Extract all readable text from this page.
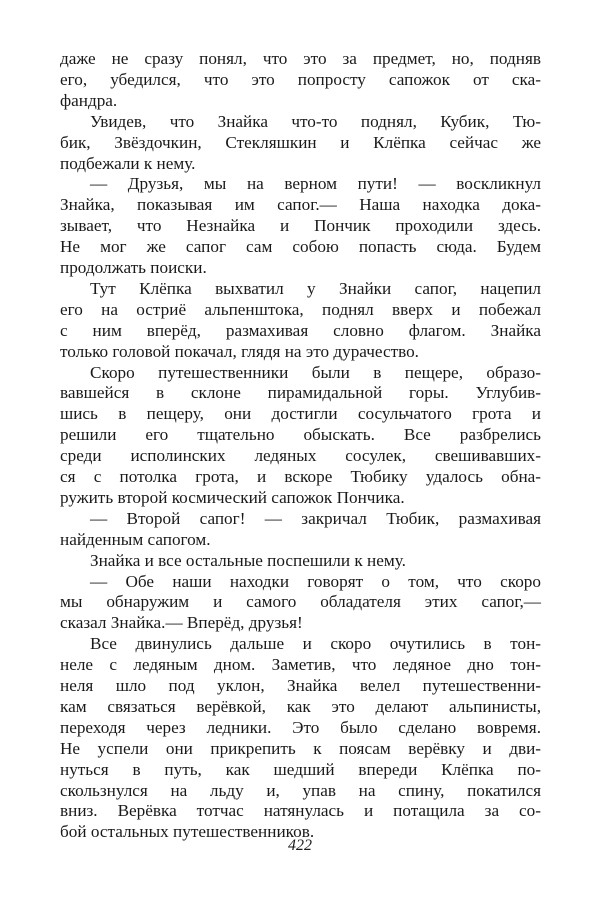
422
даже не сразу понял, что это за предмет, но, подняв
его, убедился, что это попросту сапожок от ска-
фандра.
Увидев, что Знайка что-то поднял, Кубик, Тю-
бик, Звёздочкин, Стекляшкин и Клёпка сейчас же
подбежали к нему.
— Друзья, мы на верном пути! — воскликнул
Знайка, показывая им сапог.— Наша находка дока-
зывает, что Незнайка и Пончик проходили здесь.
Не мог же сапог сам собою попасть сюда. Будем
продолжать поиски.
Тут Клёпка выхватил у Знайки сапог, нацепил
его на остриё альпенштока, поднял вверх и побежал
с ним вперёд, размахивая словно флагом. Знайка
только головой покачал, глядя на это дурачество.
Скоро путешественники были в пещере, образо-
вавшейся в склоне пирамидальной горы. Углубив-
шись в пещеру, они достигли сосульчатого грота и
решили его тщательно обыскать. Все разбрелись
среди исполинских ледяных сосулек, свешивавших-
ся с потолка грота, и вскоре Тюбику удалось обна-
ружить второй космический сапожок Пончика.
— Второй сапог! — закричал Тюбик, размахивая
найденным сапогом.
Знайка и все остальные поспешили к нему.
— Обе наши находки говорят о том, что скоро
мы обнаружим и самого обладателя этих сапог,—
сказал Знайка.— Вперёд, друзья!
Все двинулись дальше и скоро очутились в тон-
неле с ледяным дном. Заметив, что ледяное дно тон-
неля шло под уклон, Знайка велел путешественни-
кам связаться верёвкой, как это делают альпинисты,
переходя через ледники. Это было сделано вовремя.
Не успели они прикрепить к поясам верёвку и дви-
нуться в путь, как шедший впереди Клёпка по-
скользнулся на льду и, упав на спину, покатился
вниз. Верёвка тотчас натянулась и потащила за со-
бой остальных путешественников.
